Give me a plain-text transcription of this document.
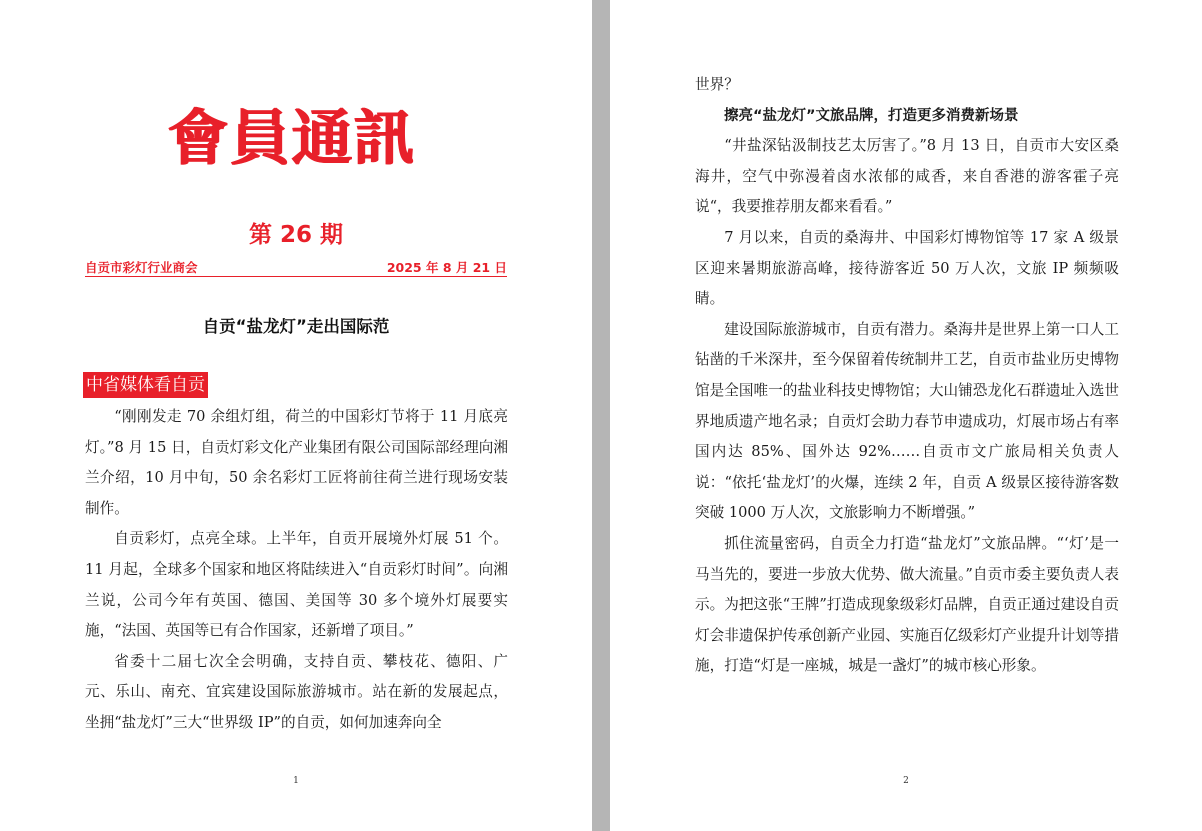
會員通訊
第 26 期
自贡市彩灯行业商会	2025 年 8 月 21 日
自贡“盐龙灯”走出国际范
中省媒体看自贡

“刚刚发走 70 余组灯组，荷兰的中国彩灯节将于 11 月底亮灯。”8 月 15 日，自贡灯彩文化产业集团有限公司国际部经理向湘兰介绍，10 月中旬，50 余名彩灯工匠将前往荷兰进行现场安装制作。

自贡彩灯，点亮全球。上半年，自贡开展境外灯展 51 个。11 月起，全球多个国家和地区将陆续进入“自贡彩灯时间”。向湘兰说，公司今年有英国、德国、美国等 30 多个境外灯展要实施，“法国、英国等已有合作国家，还新增了项目。”

省委十二届七次全会明确，支持自贡、攀枝花、德阳、广元、乐山、南充、宜宾建设国际旅游城市。站在新的发展起点，坐拥“盐龙灯”三大“世界级 IP”的自贡，如何加速奔向全

1

世界？

擦亮“盐龙灯”文旅品牌，打造更多消费新场景

“井盐深钻汲制技艺太厉害了。”8 月 13 日，自贡市大安区桑海井，空气中弥漫着卤水浓郁的咸香，来自香港的游客霍子亮说“，我要推荐朋友都来看看。”

7 月以来，自贡的桑海井、中国彩灯博物馆等 17 家 A 级景区迎来暑期旅游高峰，接待游客近 50 万人次，文旅 IP 频频吸睛。

建设国际旅游城市，自贡有潜力。桑海井是世界上第一口人工钻凿的千米深井，至今保留着传统制井工艺，自贡市盐业历史博物馆是全国唯一的盐业科技史博物馆；大山铺恐龙化石群遗址入选世界地质遗产地名录；自贡灯会助力春节申遗成功，灯展市场占有率国内达 85%、国外达 92%……自贡市文广旅局相关负责人说：“依托‘盐龙灯’的火爆，连续 2 年，自贡 A 级景区接待游客数突破 1000 万人次，文旅影响力不断增强。”

抓住流量密码，自贡全力打造“盐龙灯”文旅品牌。“‘灯’是一马当先的，要进一步放大优势、做大流量。”自贡市委主要负责人表示。为把这张“王牌”打造成现象级彩灯品牌，自贡正通过建设自贡灯会非遗保护传承创新产业园、实施百亿级彩灯产业提升计划等措施，打造“灯是一座城，城是一盏灯”的城市核心形象。

2
